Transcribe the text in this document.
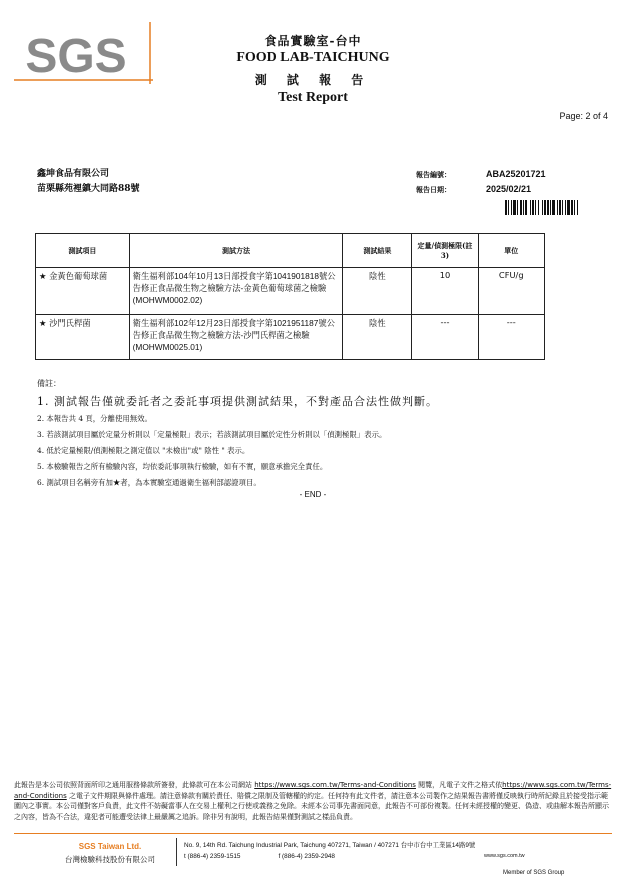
SGS	食品實驗室-台中
FOOD LAB-TAICHUNG
測 試 報 告
Test Report
Page: 2 of 4
鑫坤食品有限公司
苗栗縣苑裡鎮大同路88號
報告編號：	ABA25201721
報告日期：	2025/02/21
測試項目	測試方法	測試結果	定量/偵測極限(註3)	單位
★ 金黃色葡萄球菌	衛生福利部104年10月13日部授食字第1041901818號公告修正食品微生物之檢驗方法-金黃色葡萄球菌之檢驗(MOHWM0002.02)	陰性	10	CFU/g
★ 沙門氏桿菌	衛生福利部102年12月23日部授食字第1021951187號公告修正食品微生物之檢驗方法-沙門氏桿菌之檢驗(MOHWM0025.01)	陰性	---	---
備註：
1. 測試報告僅就委託者之委託事項提供測試結果，不對產品合法性做判斷。
2. 本報告共 4 頁，分離使用無效。
3. 若該測試項目屬於定量分析則以「定量極限」表示；若該測試項目屬於定性分析則以「偵測極限」表示。
4. 低於定量極限/偵測極限之測定值以 "未檢出"或" 陰性 " 表示。
5. 本檢驗報告之所有檢驗內容，均依委託事項執行檢驗，如有不實，願意承擔完全責任。
6. 測試項目名稱旁有加★者，為本實驗室通過衛生福利部認證項目。
- END -
此報告是本公司依照背面所印之通用服務條款所簽發，此條款可在本公司網站 https://www.sgs.com.tw/Terms-and-Conditions 閱覽，凡電子文件之格式依https://www.sgs.com.tw/Terms-and-Conditions 之電子文件期限與條件處理。請注意條款有關於責任、賠償之限制及管轄權的約定。任何持有此文件者，請注意本公司製作之結果報告書將僅反映執行時所紀錄且於接受指示範圍內之事實。本公司僅對客戶負責，此文件不妨礙當事人在交易上權利之行使或義務之免除。未經本公司事先書面同意，此報告不可部份複製。任何未經授權的變更、偽造、或曲解本報告所顯示之內容，皆為不合法，違犯者可能遭受法律上最嚴厲之追訴。除非另有說明，此報告結果僅對測試之樣品負責。
SGS Taiwan Ltd.
台灣檢驗科技股份有限公司
No. 9, 14th Rd. Taichung Industrial Park, Taichung 407271, Taiwan / 407271 台中市台中工業區14路9號
t (886-4) 2359-1515	f (886-4) 2359-2948	www.sgs.com.tw
Member of SGS Group
